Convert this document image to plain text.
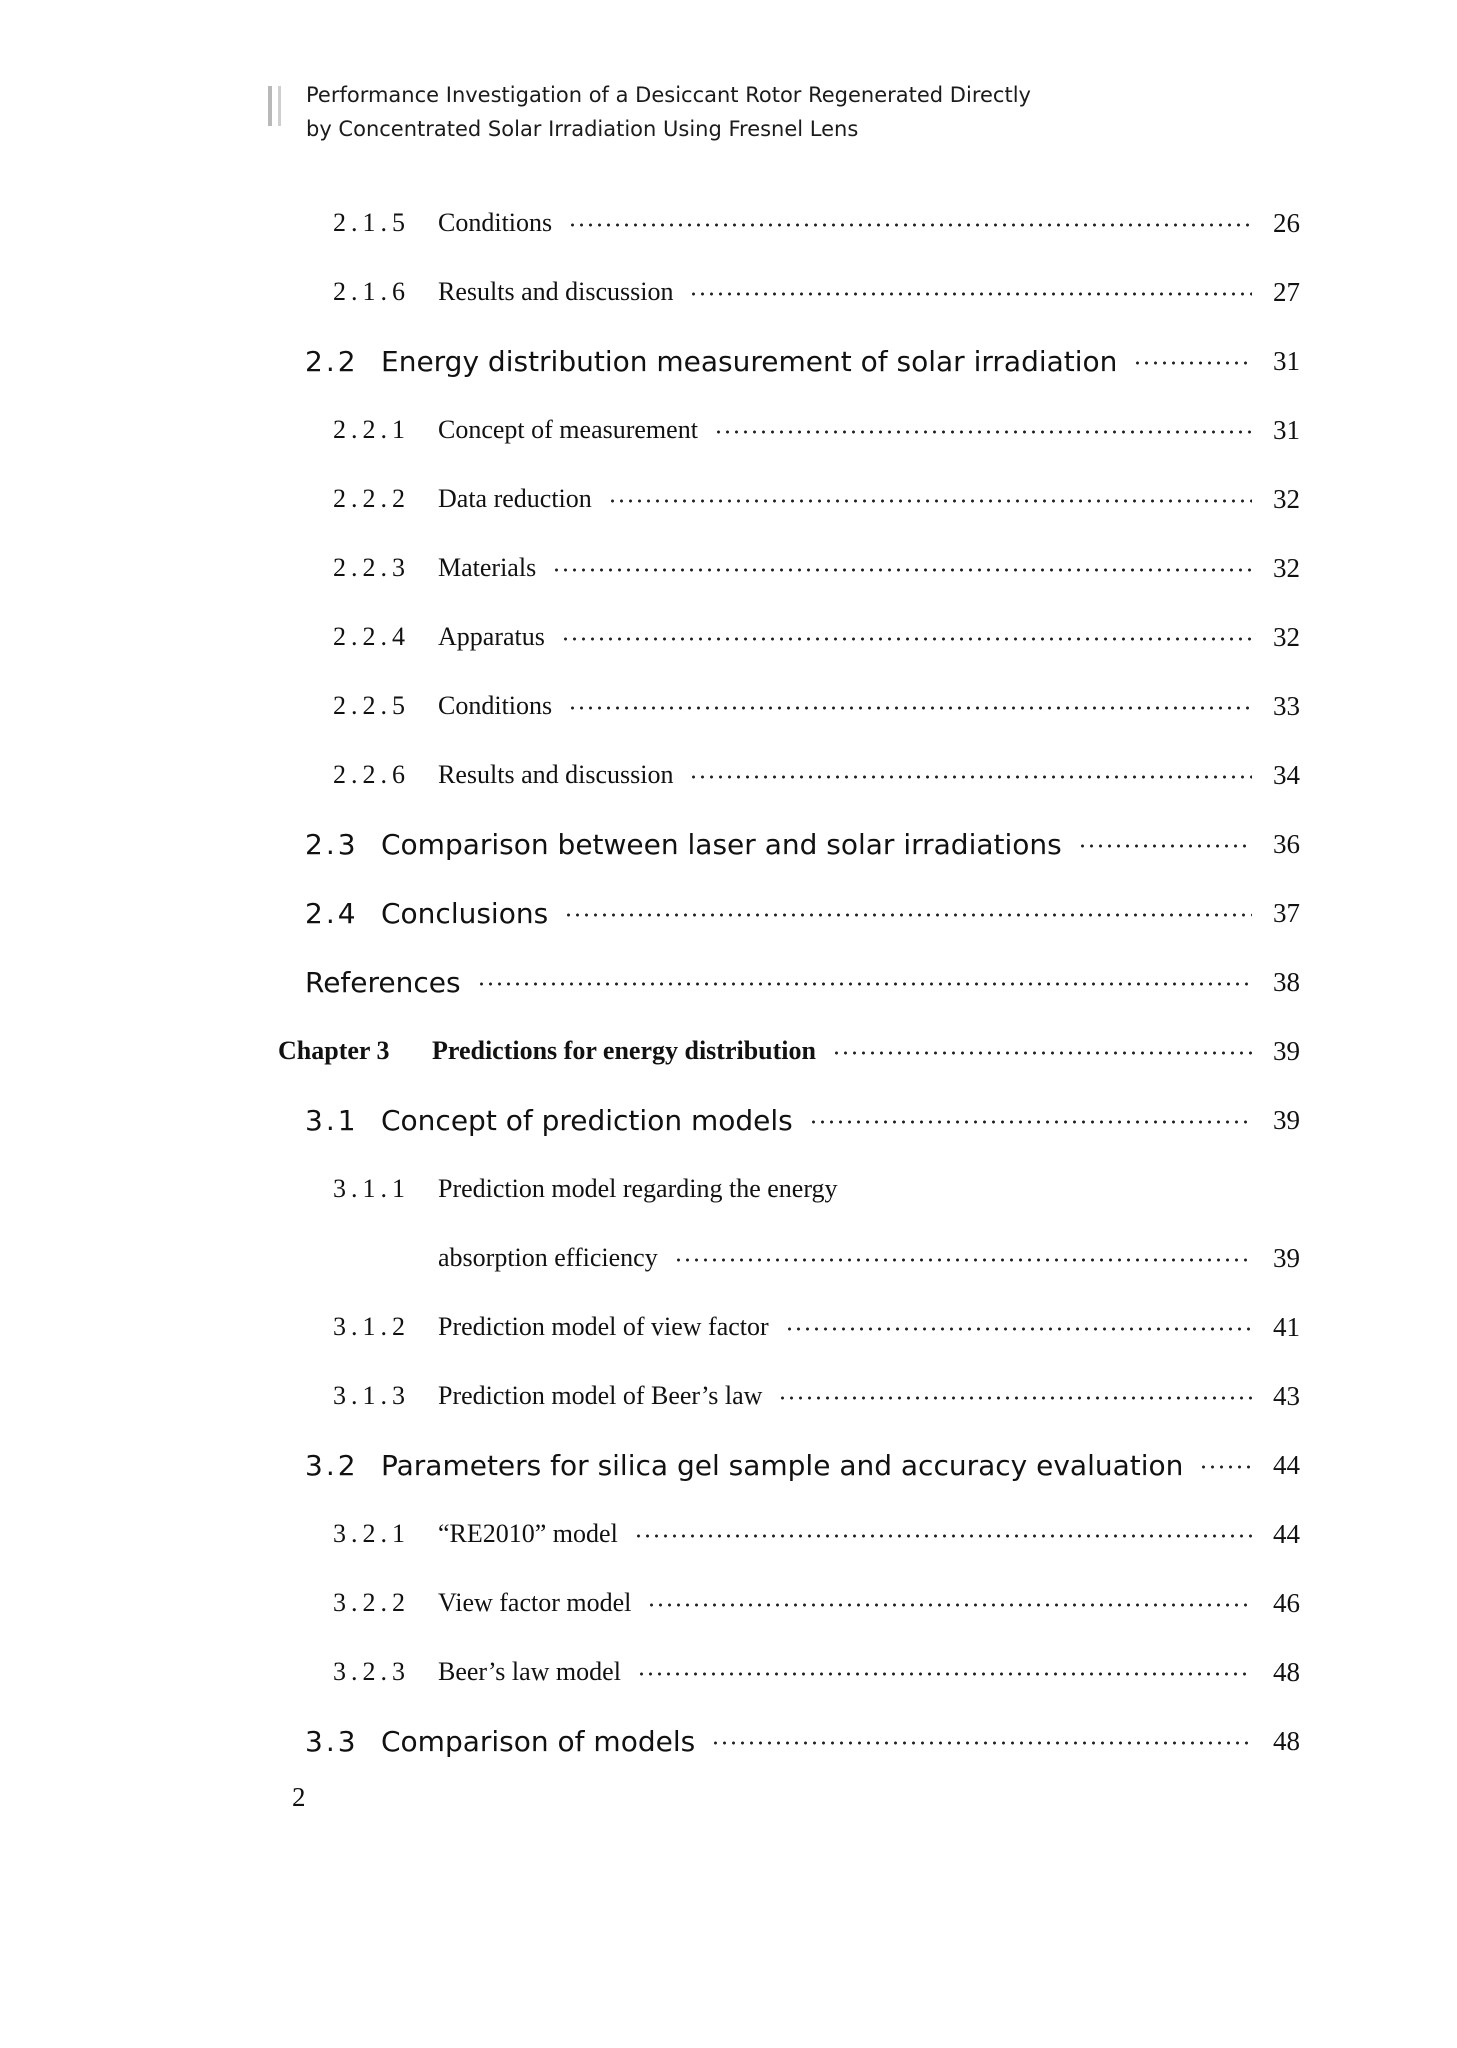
Performance Investigation of a Desiccant Rotor Regenerated Directly
by Concentrated Solar Irradiation Using Fresnel Lens
2.1.5	Conditions	26
2.1.6	Results and discussion	27
2.2 Energy distribution measurement of solar irradiation	31
2.2.1	Concept of measurement	31
2.2.2	Data reduction	32
2.2.3	Materials	32
2.2.4	Apparatus	32
2.2.5	Conditions	33
2.2.6	Results and discussion	34
2.3 Comparison between laser and solar irradiations	36
2.4 Conclusions	37
References	38
Chapter 3	Predictions for energy distribution	39
3.1 Concept of prediction models	39
3.1.1	Prediction model regarding the energy
absorption efficiency	39
3.1.2	Prediction model of view factor	41
3.1.3	Prediction model of Beer’s law	43
3.2 Parameters for silica gel sample and accuracy evaluation	44
3.2.1	“RE2010” model	44
3.2.2	View factor model	46
3.2.3	Beer’s law model	48
3.3 Comparison of models	48
2
